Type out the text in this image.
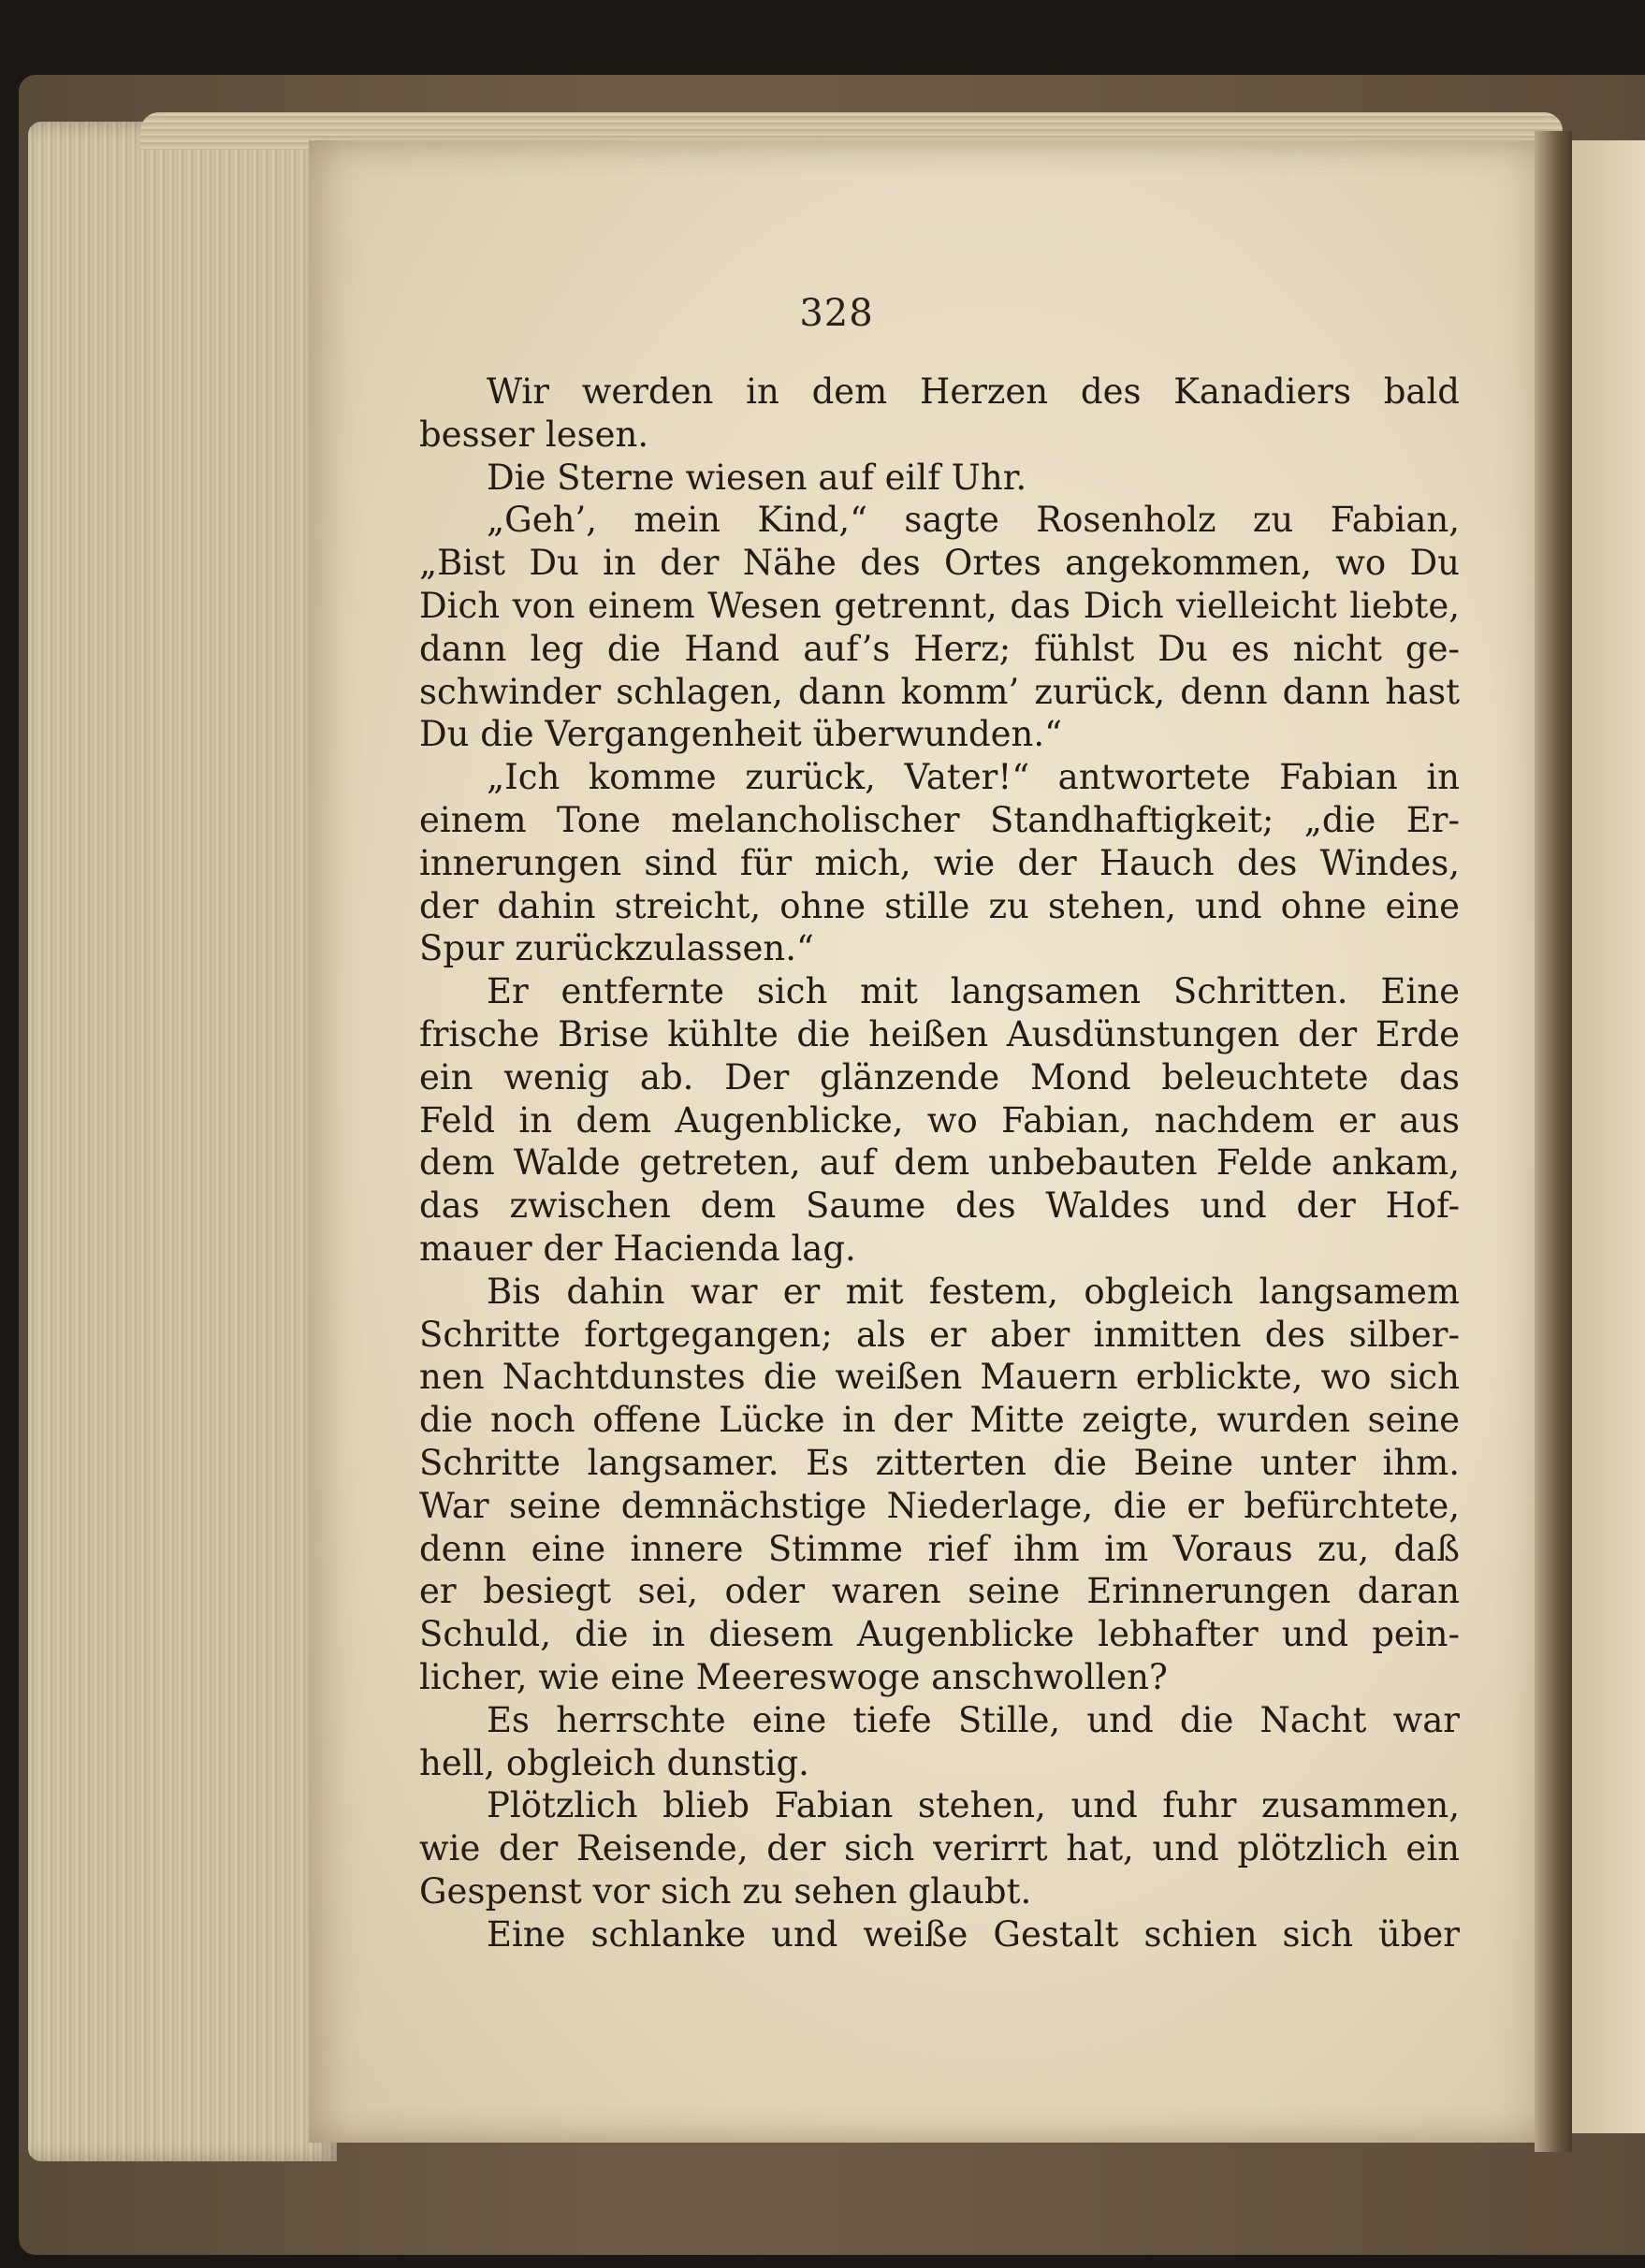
328
Wir werden in dem Herzen des Kanadiers bald
besser lesen.
Die Sterne wiesen auf eilf Uhr.
„Geh’, mein Kind,“ sagte Rosenholz zu Fabian,
„Bist Du in der Nähe des Ortes angekommen, wo Du
Dich von einem Wesen getrennt, das Dich vielleicht liebte,
dann leg die Hand auf’s Herz; fühlst Du es nicht ge-
schwinder schlagen, dann komm’ zurück, denn dann hast
Du die Vergangenheit überwunden.“
„Ich komme zurück, Vater!“ antwortete Fabian in
einem Tone melancholischer Standhaftigkeit; „die Er-
innerungen sind für mich, wie der Hauch des Windes,
der dahin streicht, ohne stille zu stehen, und ohne eine
Spur zurückzulassen.“
Er entfernte sich mit langsamen Schritten. Eine
frische Brise kühlte die heißen Ausdünstungen der Erde
ein wenig ab. Der glänzende Mond beleuchtete das
Feld in dem Augenblicke, wo Fabian, nachdem er aus
dem Walde getreten, auf dem unbebauten Felde ankam,
das zwischen dem Saume des Waldes und der Hof-
mauer der Hacienda lag.
Bis dahin war er mit festem, obgleich langsamem
Schritte fortgegangen; als er aber inmitten des silber-
nen Nachtdunstes die weißen Mauern erblickte, wo sich
die noch offene Lücke in der Mitte zeigte, wurden seine
Schritte langsamer. Es zitterten die Beine unter ihm.
War seine demnächstige Niederlage, die er befürchtete,
denn eine innere Stimme rief ihm im Voraus zu, daß
er besiegt sei, oder waren seine Erinnerungen daran
Schuld, die in diesem Augenblicke lebhafter und pein-
licher, wie eine Meereswoge anschwollen?
Es herrschte eine tiefe Stille, und die Nacht war
hell, obgleich dunstig.
Plötzlich blieb Fabian stehen, und fuhr zusammen,
wie der Reisende, der sich verirrt hat, und plötzlich ein
Gespenst vor sich zu sehen glaubt.
Eine schlanke und weiße Gestalt schien sich über
